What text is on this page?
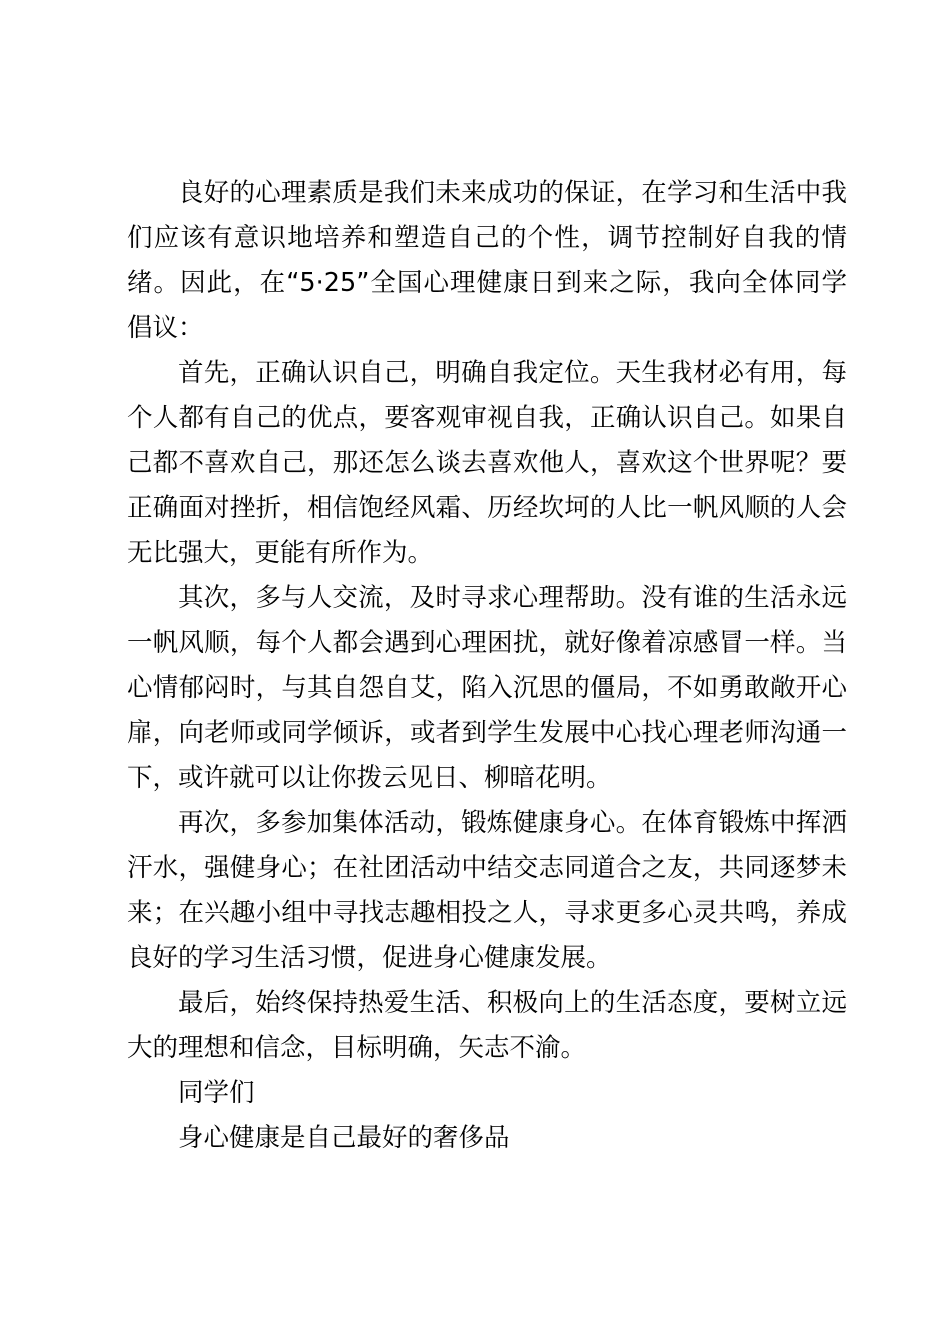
良好的心理素质是我们未来成功的保证，在学习和生活中我们应该有意识地培养和塑造自己的个性，调节控制好自我的情绪。因此，在“5·25”全国心理健康日到来之际，我向全体同学倡议：

首先，正确认识自己，明确自我定位。天生我材必有用，每个人都有自己的优点，要客观审视自我，正确认识自己。如果自己都不喜欢自己，那还怎么谈去喜欢他人，喜欢这个世界呢？要正确面对挫折，相信饱经风霜、历经坎坷的人比一帆风顺的人会无比强大，更能有所作为。

其次，多与人交流，及时寻求心理帮助。没有谁的生活永远一帆风顺，每个人都会遇到心理困扰，就好像着凉感冒一样。当心情郁闷时，与其自怨自艾，陷入沉思的僵局，不如勇敢敞开心扉，向老师或同学倾诉，或者到学生发展中心找心理老师沟通一下，或许就可以让你拨云见日、柳暗花明。

再次，多参加集体活动，锻炼健康身心。在体育锻炼中挥洒汗水，强健身心；在社团活动中结交志同道合之友，共同逐梦未来；在兴趣小组中寻找志趣相投之人，寻求更多心灵共鸣，养成良好的学习生活习惯，促进身心健康发展。

最后，始终保持热爱生活、积极向上的生活态度，要树立远大的理想和信念，目标明确，矢志不渝。

同学们

身心健康是自己最好的奢侈品
